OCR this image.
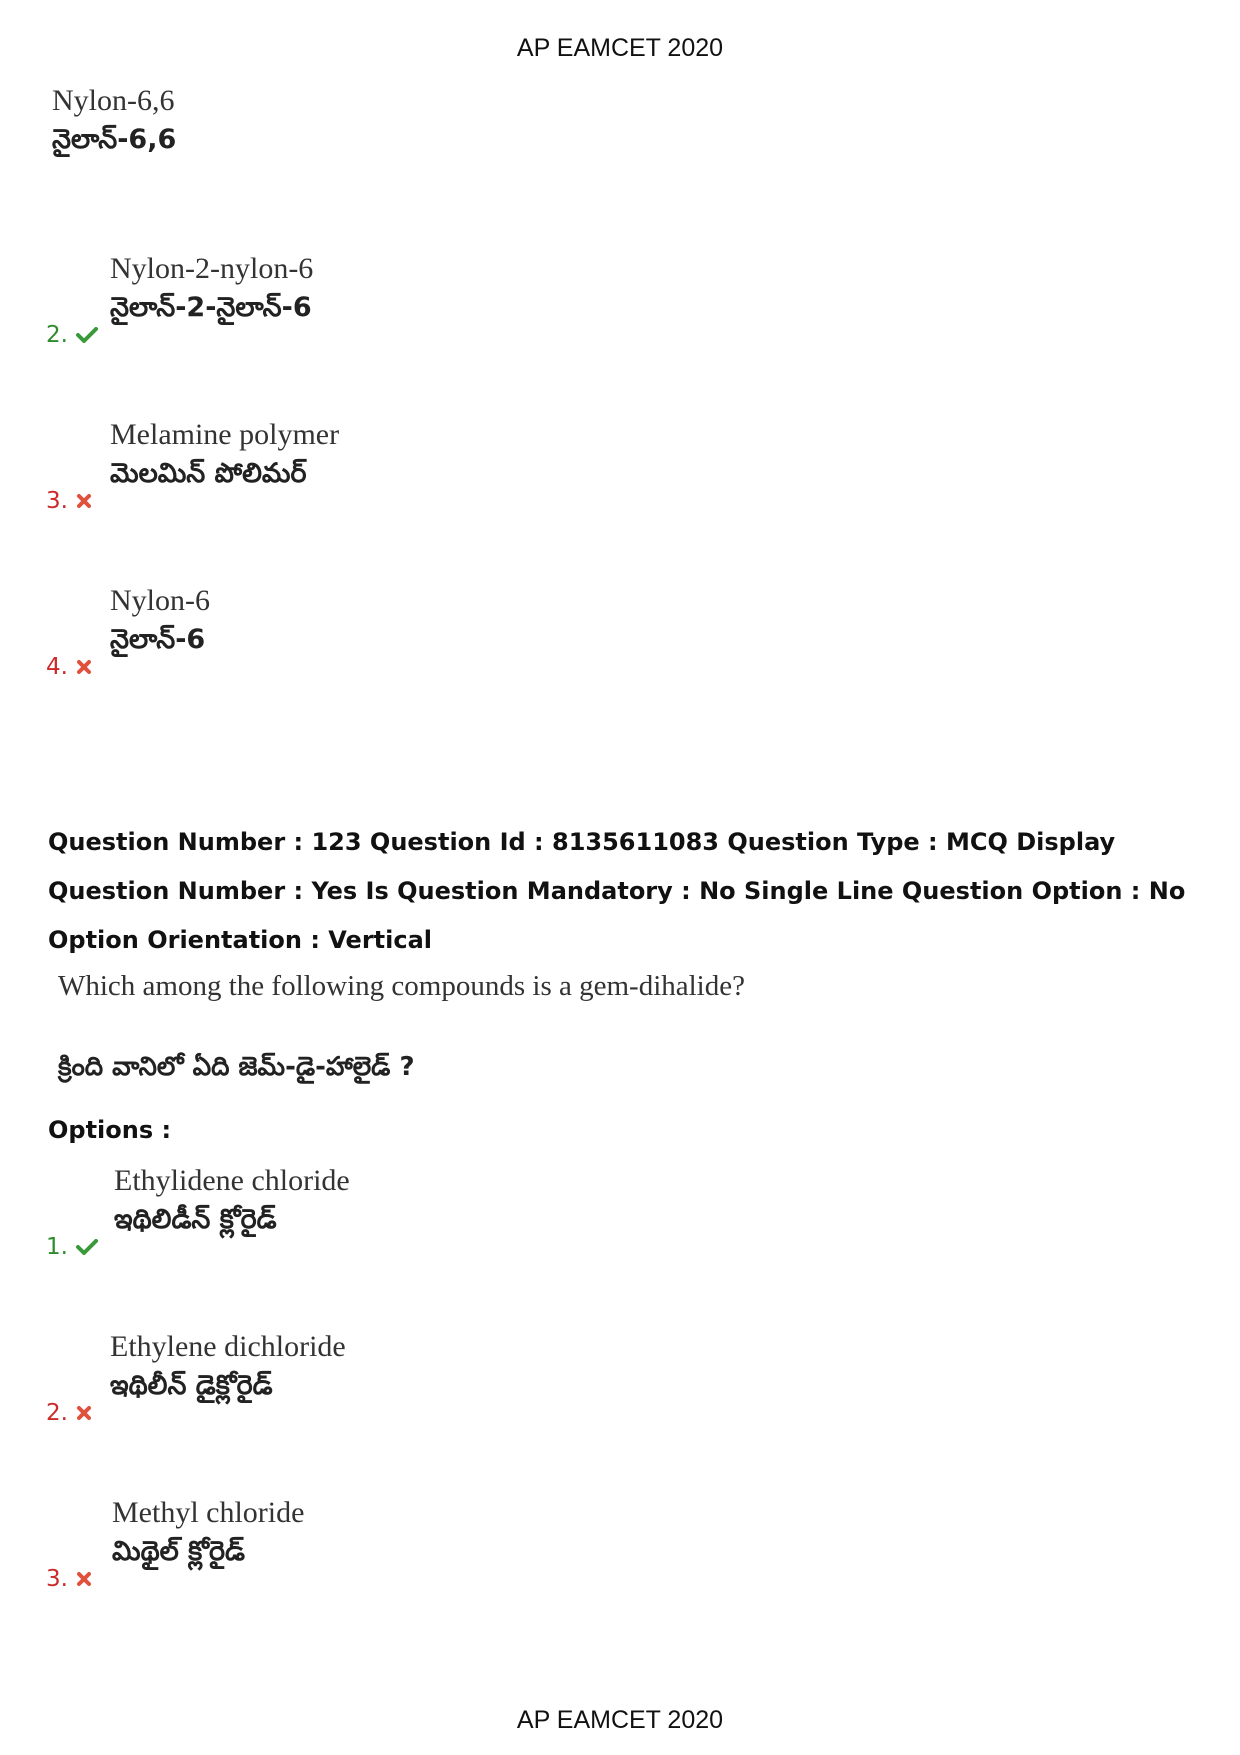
AP EAMCET 2020
Nylon-6,6
నైలాన్-6,6
Nylon-2-nylon-6
నైలాన్-2-నైలాన్-6
2.
Melamine polymer
మెలమిన్ పోలిమర్
3.
Nylon-6
నైలాన్-6
4.
Question Number : 123 Question Id : 8135611083 Question Type : MCQ Display Question Number : Yes Is Question Mandatory : No Single Line Question Option : No Option Orientation : Vertical
Which among the following compounds is a gem-dihalide?
క్రింది వానిలో ఏది జెమ్-డై-హాలైడ్ ?
Options :
Ethylidene chloride
ఇథిలిడీన్ క్లోరైడ్
1.
Ethylene dichloride
ఇథిలీన్ డైక్లోరైడ్
2.
Methyl chloride
మిథైల్ క్లోరైడ్
3.
AP EAMCET 2020
